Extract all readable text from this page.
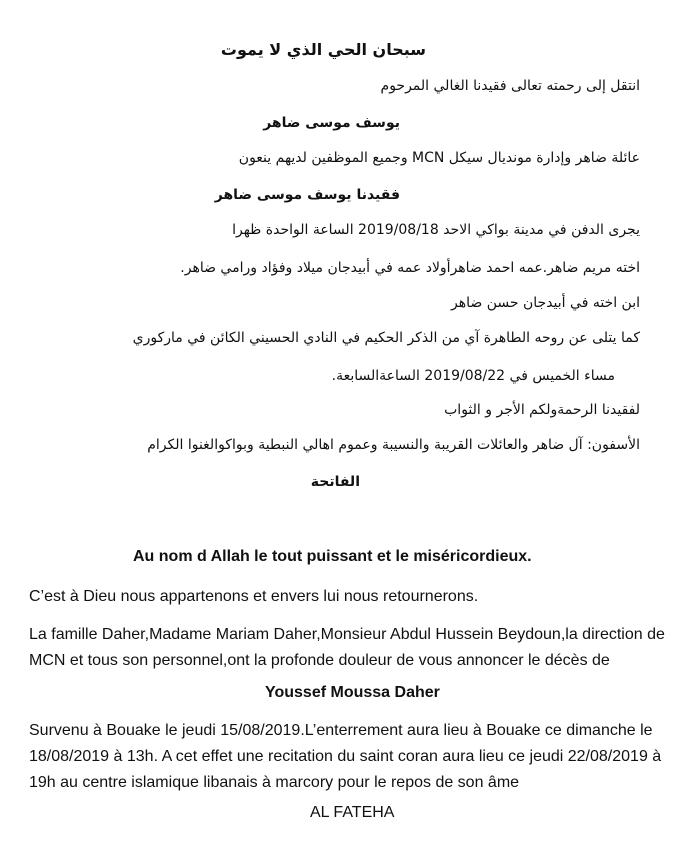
سبحان الحي الذي لا يموت
انتقل إلى رحمته تعالى فقيدنا الغالي المرحوم
يوسف موسى ضاهر
عائلة ضاهر وإدارة مونديال سيكل MCN وجميع الموظفين لديهم ينعون
فقيدنا يوسف موسى ضاهر
يجرى الدفن في مدينة بواكي الاحد 2019/08/18 الساعة الواحدة ظهرا
اخته مريم ضاهر.عمه احمد ضاهرأولاد عمه في أبيدجان ميلاد وفؤاد ورامي ضاهر.
ابن اخته في أبيدجان حسن ضاهر
كما يتلى عن روحه الطاهرة آي من الذكر الحكيم في النادي الحسيني الكائن في ماركوري
مساء الخميس في 2019/08/22 الساعةالسابعة.
لفقيدنا الرحمةولكم الأجر و الثواب
الأسفون: آل ضاهر والعائلات القريبة والنسيبة وعموم اهالي النبطية وبواكوالغنوا الكرام
الفاتحة
Au nom d Allah le tout puissant et le miséricordieux.
C’est à Dieu nous appartenons et envers lui nous retournerons.
La famille Daher,Madame Mariam Daher,Monsieur Abdul Hussein Beydoun,la direction de MCN et tous son personnel,ont la profonde douleur de vous annoncer le décès de
Youssef Moussa Daher
Survenu à Bouake le jeudi 15/08/2019.L’enterrement aura lieu à Bouake ce dimanche le 18/08/2019 à 13h. A cet effet une recitation du saint coran aura lieu ce jeudi 22/08/2019 à 19h au centre islamique libanais à marcory pour le repos de son âme
AL FATEHA
